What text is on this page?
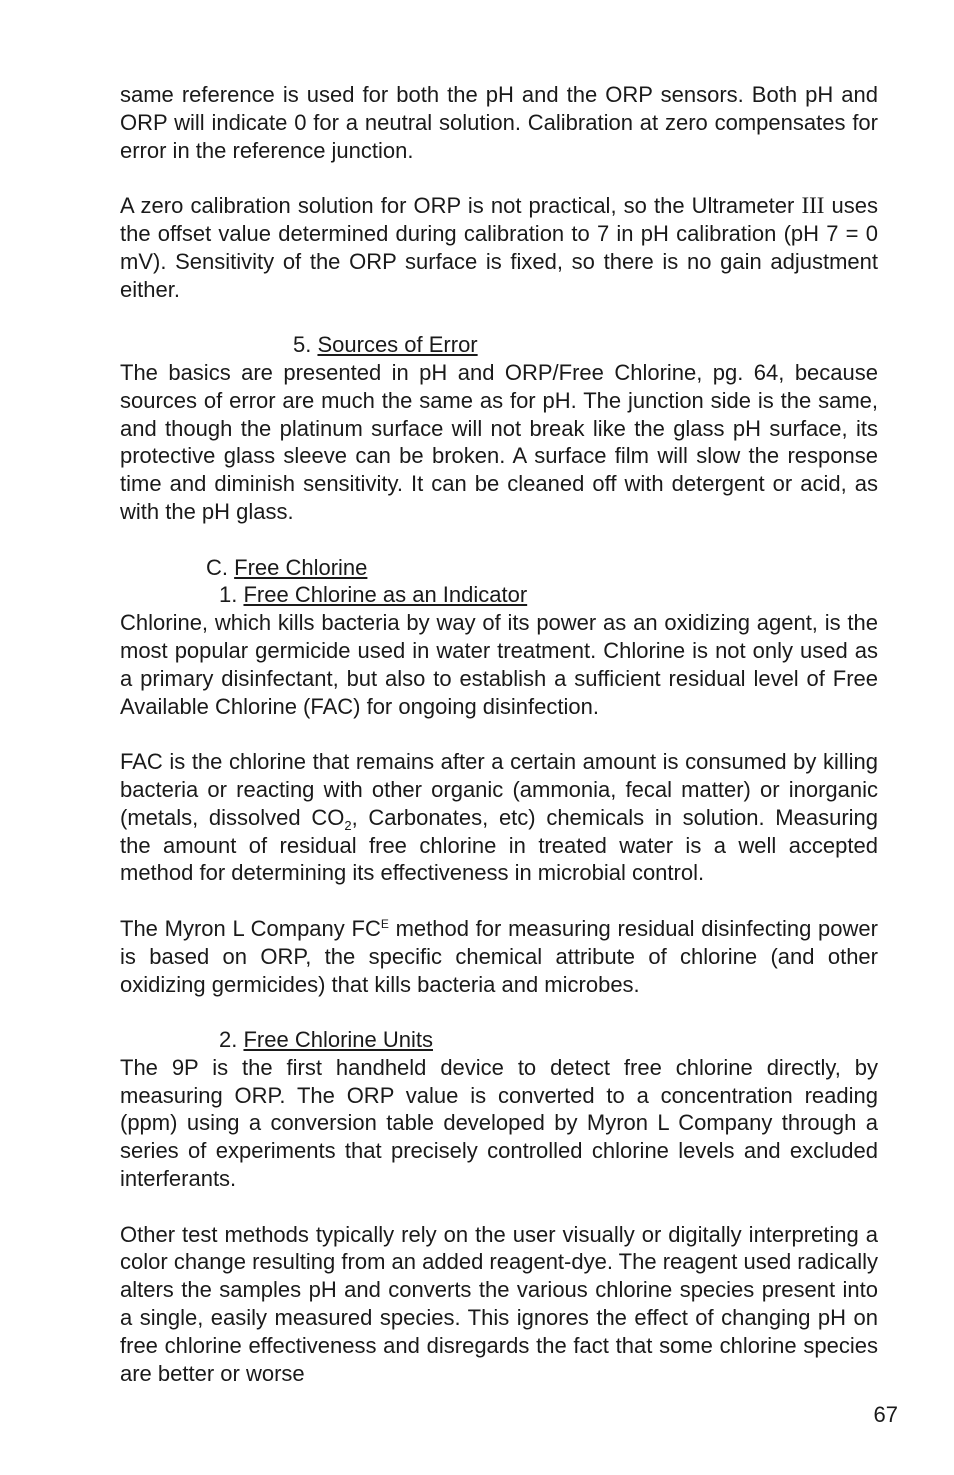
same reference is used for both the pH and the ORP sensors. Both pH and ORP will indicate 0 for a neutral solution. Calibration at zero compensates for error in the reference junction.

A zero calibration solution for ORP is not practical, so the Ultrameter III uses the offset value determined during calibration to 7 in pH calibration (pH 7 = 0 mV). Sensitivity of the ORP surface is fixed, so there is no gain adjustment either.

5. Sources of Error

The basics are presented in pH and ORP/Free Chlorine, pg. 64, because sources of error are much the same as for pH. The junction side is the same, and though the platinum surface will not break like the glass pH surface, its protective glass sleeve can be broken. A surface film will slow the response time and diminish sensitivity. It can be cleaned off with detergent or acid, as with the pH glass.

C. Free Chlorine
1. Free Chlorine as an Indicator

Chlorine, which kills bacteria by way of its power as an oxidizing agent, is the most popular germicide used in water treatment. Chlorine is not only used as a primary disinfectant, but also to establish a sufficient residual level of Free Available Chlorine (FAC) for ongoing disinfection.

FAC is the chlorine that remains after a certain amount is consumed by killing bacteria or reacting with other organic (ammonia, fecal matter) or inorganic (metals, dissolved $CO_2$, Carbonates, etc) chemicals in solution. Measuring the amount of residual free chlorine in treated water is a well accepted method for determining its effectiveness in microbial control.

The Myron L Company $FC^E$ method for measuring residual disinfecting power is based on ORP, the specific chemical attribute of chlorine (and other oxidizing germicides) that kills bacteria and microbes.

2. Free Chlorine Units

The 9P is the first handheld device to detect free chlorine directly, by measuring ORP. The ORP value is converted to a concentration reading (ppm) using a conversion table developed by Myron L Company through a series of experiments that precisely controlled chlorine levels and excluded interferants.

Other test methods typically rely on the user visually or digitally interpreting a color change resulting from an added reagent-dye. The reagent used radically alters the samples pH and converts the various chlorine species present into a single, easily measured species. This ignores the effect of changing pH on free chlorine effectiveness and disregards the fact that some chlorine species are better or worse

67
